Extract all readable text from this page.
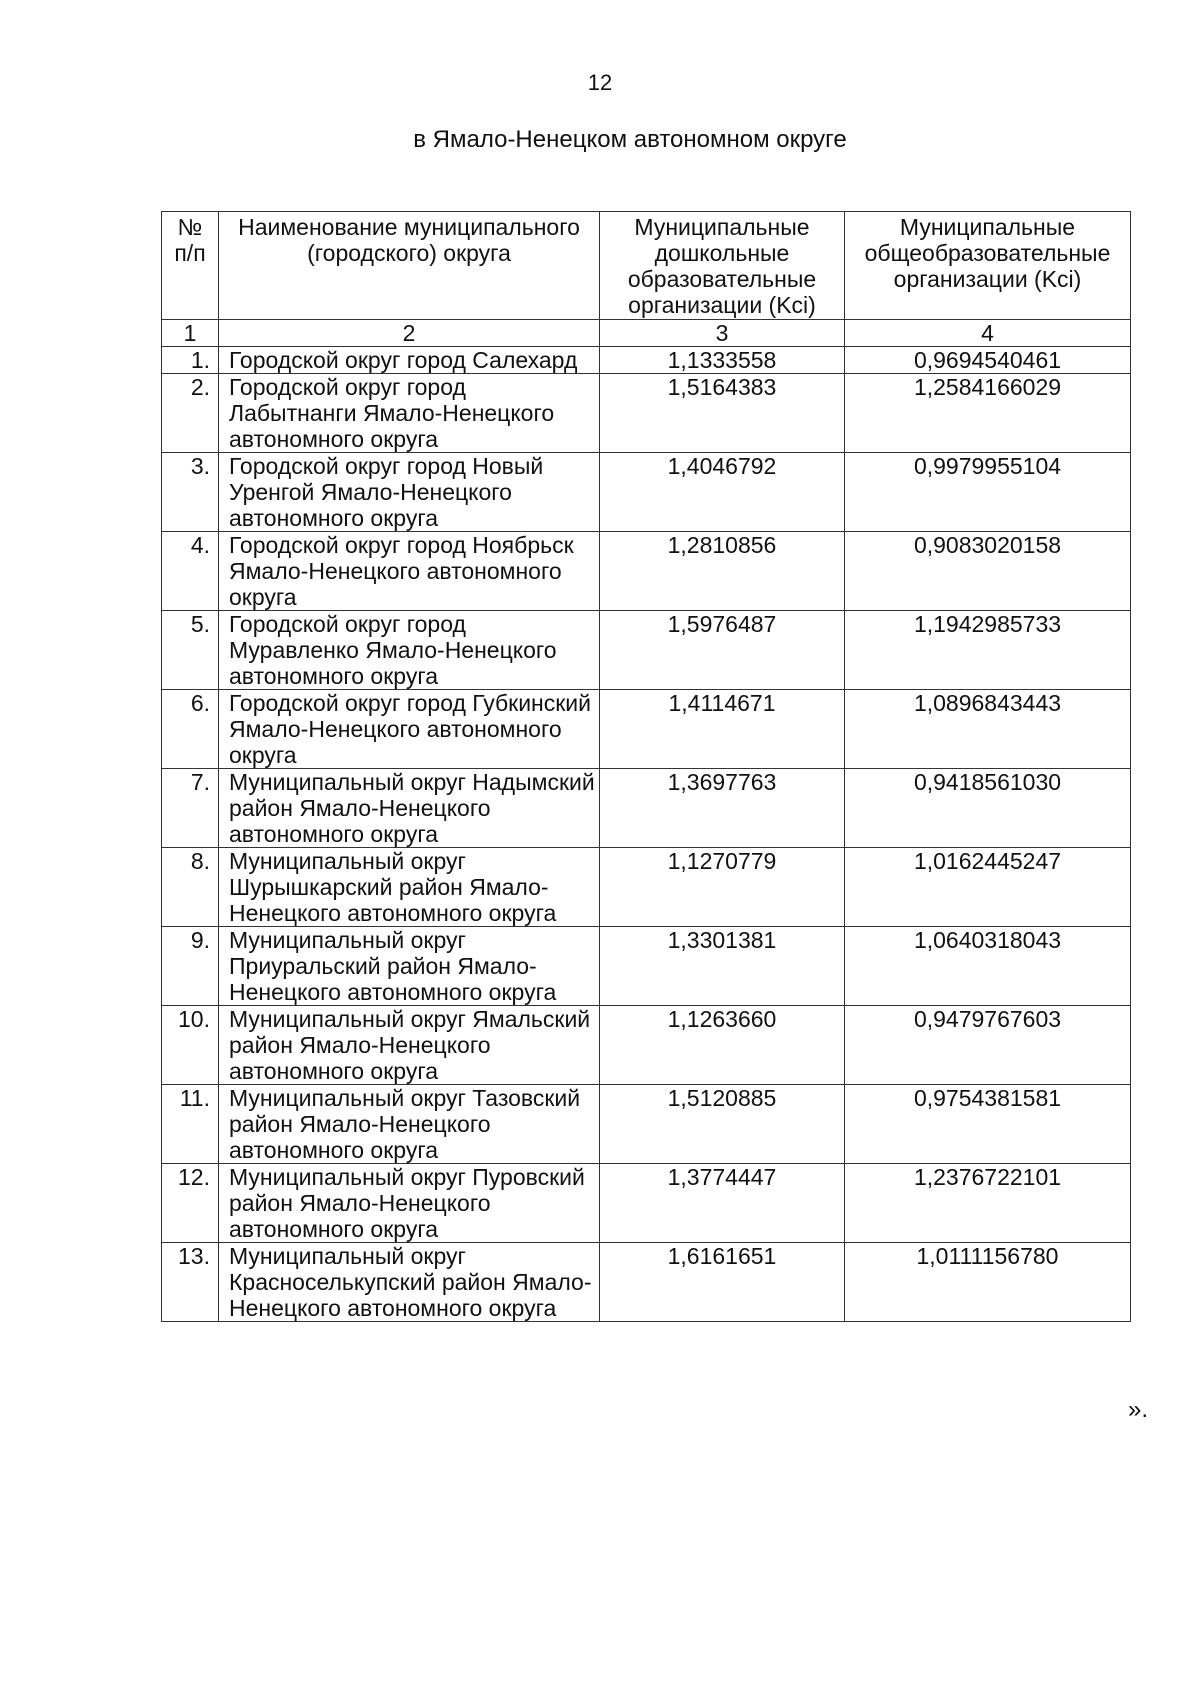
12
в Ямало-Ненецком автономном округе
№ п/п	Наименование муниципального (городского) округа	Муниципальные дошкольные образовательные организации (Kci)	Муниципальные общеобразовательные организации (Kci)
1	2	3	4
1.	Городской округ город Салехард	1,1333558	0,9694540461
2.	Городской округ город Лабытнанги Ямало-Ненецкого автономного округа	1,5164383	1,2584166029
3.	Городской округ город Новый Уренгой Ямало-Ненецкого автономного округа	1,4046792	0,9979955104
4.	Городской округ город Ноябрьск Ямало-Ненецкого автономного округа	1,2810856	0,9083020158
5.	Городской округ город Муравленко Ямало-Ненецкого автономного округа	1,5976487	1,1942985733
6.	Городской округ город Губкинский Ямало-Ненецкого автономного округа	1,4114671	1,0896843443
7.	Муниципальный округ Надымский район Ямало-Ненецкого автономного округа	1,3697763	0,9418561030
8.	Муниципальный округ Шурышкарский район Ямало-Ненецкого автономного округа	1,1270779	1,0162445247
9.	Муниципальный округ Приуральский район Ямало-Ненецкого автономного округа	1,3301381	1,0640318043
10.	Муниципальный округ Ямальский район Ямало-Ненецкого автономного округа	1,1263660	0,9479767603
11.	Муниципальный округ Тазовский район Ямало-Ненецкого автономного округа	1,5120885	0,9754381581
12.	Муниципальный округ Пуровский район Ямало-Ненецкого автономного округа	1,3774447	1,2376722101
13.	Муниципальный округ Красноселькупский район Ямало-Ненецкого автономного округа	1,6161651	1,0111156780
».
